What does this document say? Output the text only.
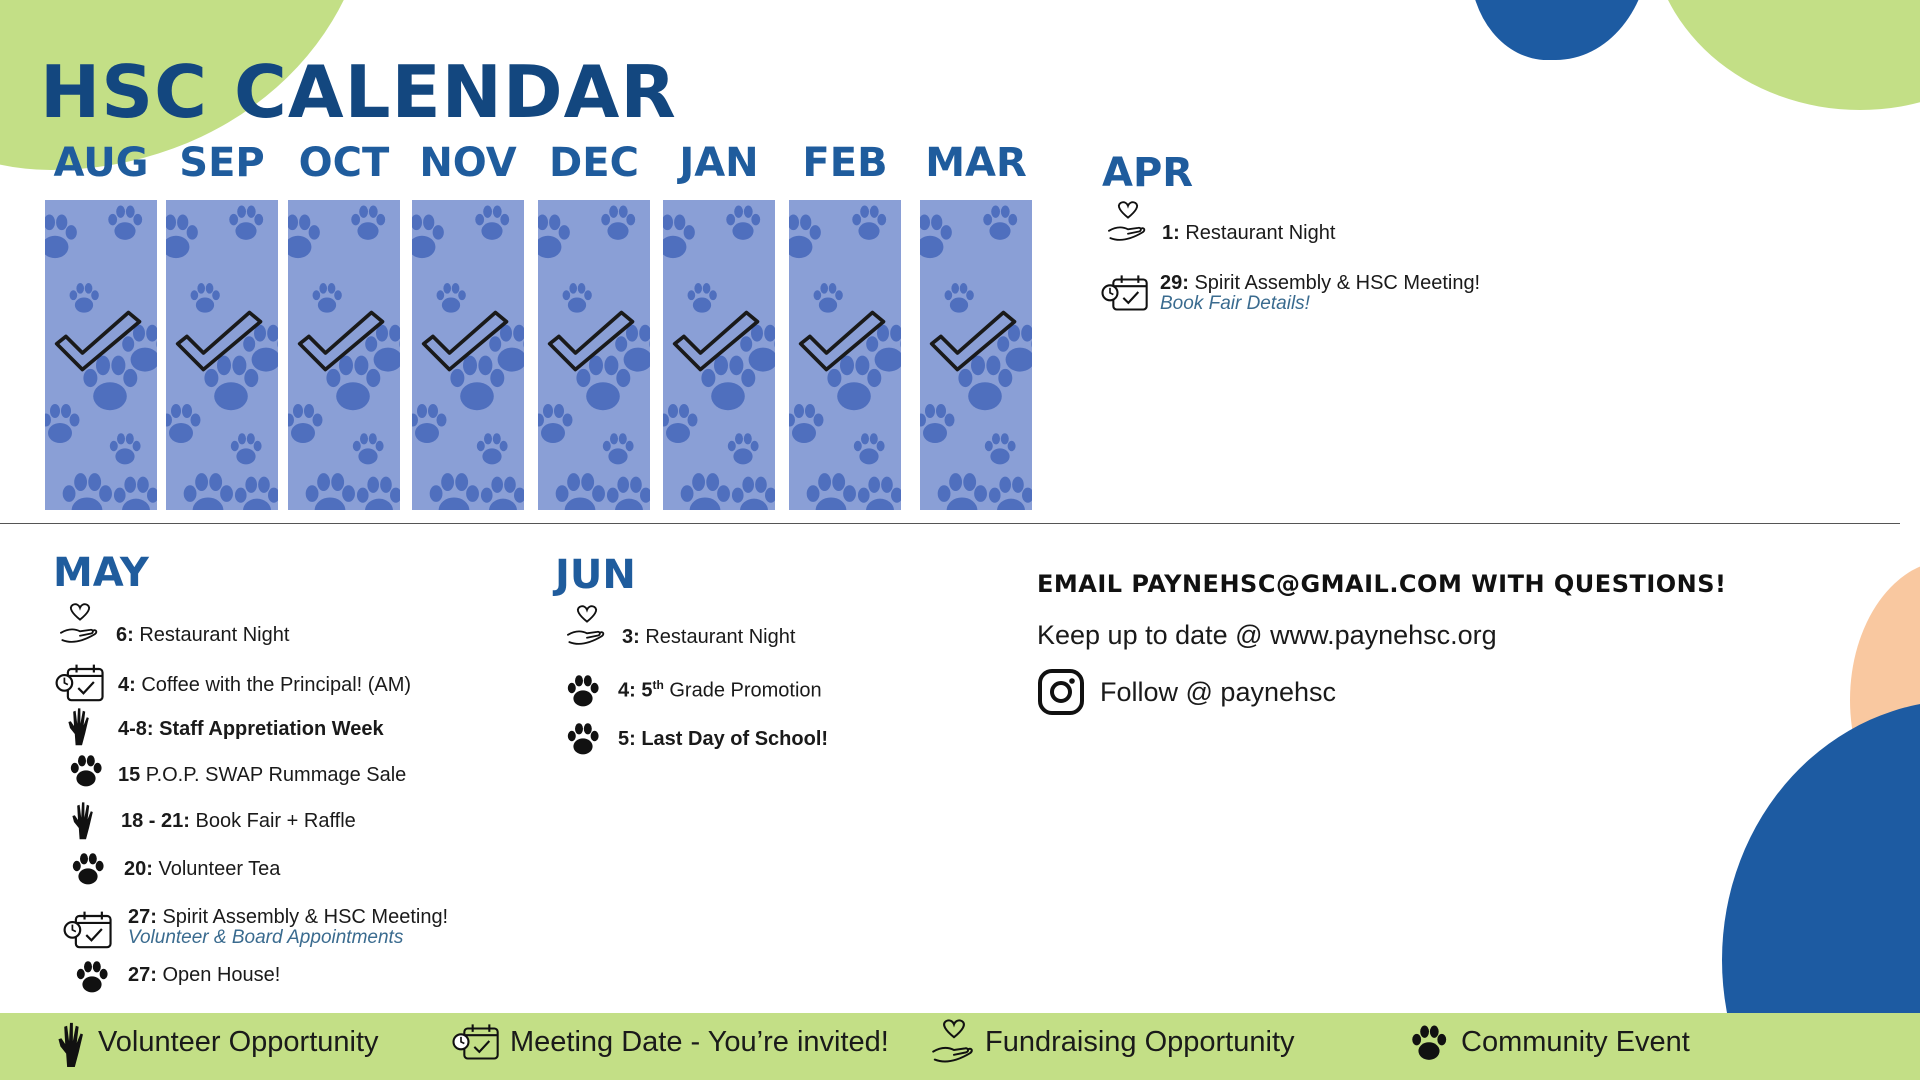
HSC CALENDAR
AUG SEP OCT NOV DEC	JAN	FEB MAR APR
1: Restaurant Night
29: Spirit Assembly & HSC Meeting!
Book Fair Details!
MAY
6: Restaurant Night
4: Coffee with the Principal! (AM)
4-8: Staff Appretiation Week
15 P.O.P. SWAP Rummage Sale
18 - 21: Book Fair + Raffle
20: Volunteer Tea
27: Spirit Assembly & HSC Meeting!
Volunteer & Board Appointments
27: Open House!
JUN
3: Restaurant Night
4: 5th Grade Promotion
5: Last Day of School!
EMAIL PAYNEHSC@GMAIL.COM WITH QUESTIONS!
Keep up to date @ www.paynehsc.org
Follow @ paynehsc
Volunteer Opportunity	Meeting Date - You’re invited!	Fundraising Opportunity	Community Event
